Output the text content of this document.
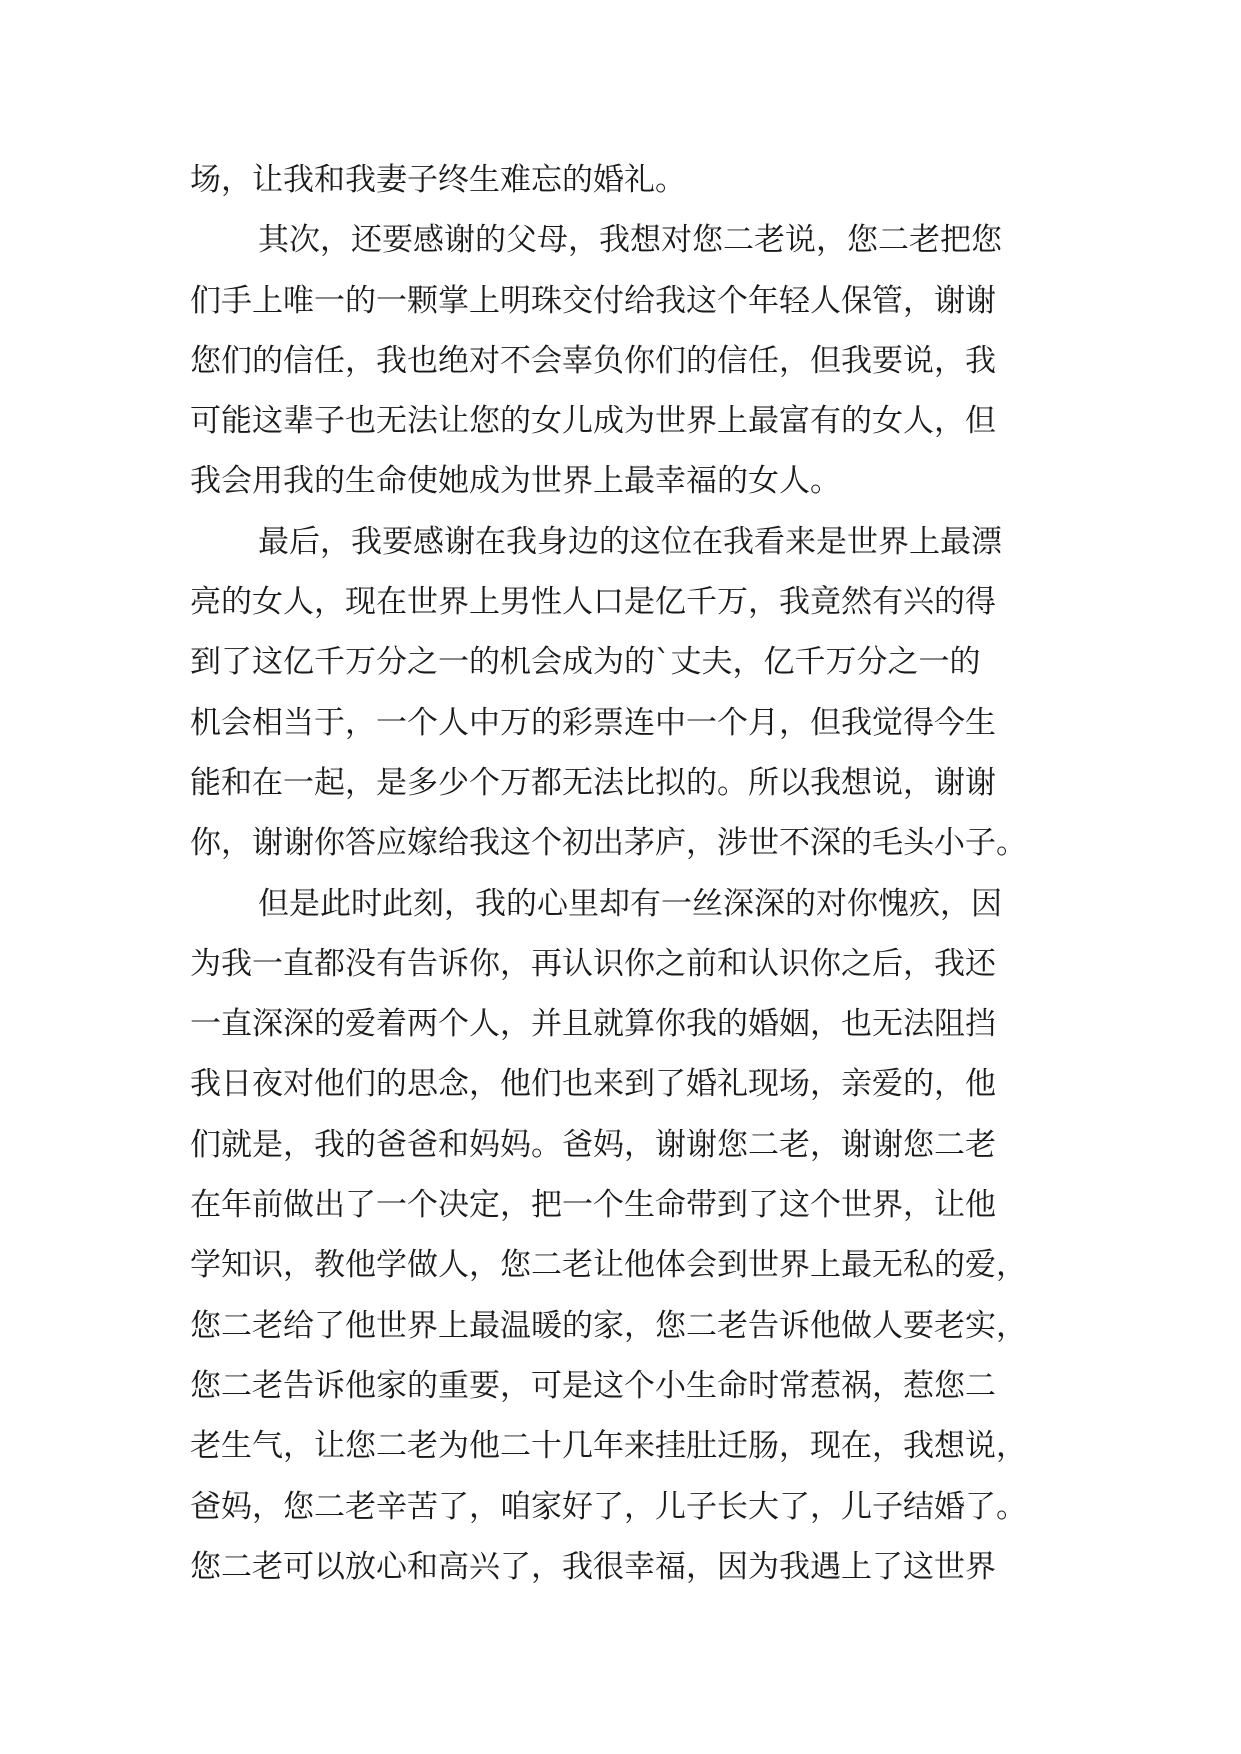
场，让我和我妻子终生难忘的婚礼。
其次，还要感谢的父母，我想对您二老说，您二老把您
们手上唯一的一颗掌上明珠交付给我这个年轻人保管，谢谢
您们的信任，我也绝对不会辜负你们的信任，但我要说，我
可能这辈子也无法让您的女儿成为世界上最富有的女人，但
我会用我的生命使她成为世界上最幸福的女人。
最后，我要感谢在我身边的这位在我看来是世界上最漂
亮的女人，现在世界上男性人口是亿千万，我竟然有兴的得
到了这亿千万分之一的机会成为的`丈夫，亿千万分之一的
机会相当于，一个人中万的彩票连中一个月，但我觉得今生
能和在一起，是多少个万都无法比拟的。所以我想说，谢谢
你，谢谢你答应嫁给我这个初出茅庐，涉世不深的毛头小子。
但是此时此刻，我的心里却有一丝深深的对你愧疚，因
为我一直都没有告诉你，再认识你之前和认识你之后，我还
一直深深的爱着两个人，并且就算你我的婚姻，也无法阻挡
我日夜对他们的思念，他们也来到了婚礼现场，亲爱的，他
们就是，我的爸爸和妈妈。爸妈，谢谢您二老，谢谢您二老
在年前做出了一个决定，把一个生命带到了这个世界，让他
学知识，教他学做人，您二老让他体会到世界上最无私的爱，
您二老给了他世界上最温暖的家，您二老告诉他做人要老实，
您二老告诉他家的重要，可是这个小生命时常惹祸，惹您二
老生气，让您二老为他二十几年来挂肚迁肠，现在，我想说，
爸妈，您二老辛苦了，咱家好了，儿子长大了，儿子结婚了。
您二老可以放心和高兴了，我很幸福，因为我遇上了这世界
